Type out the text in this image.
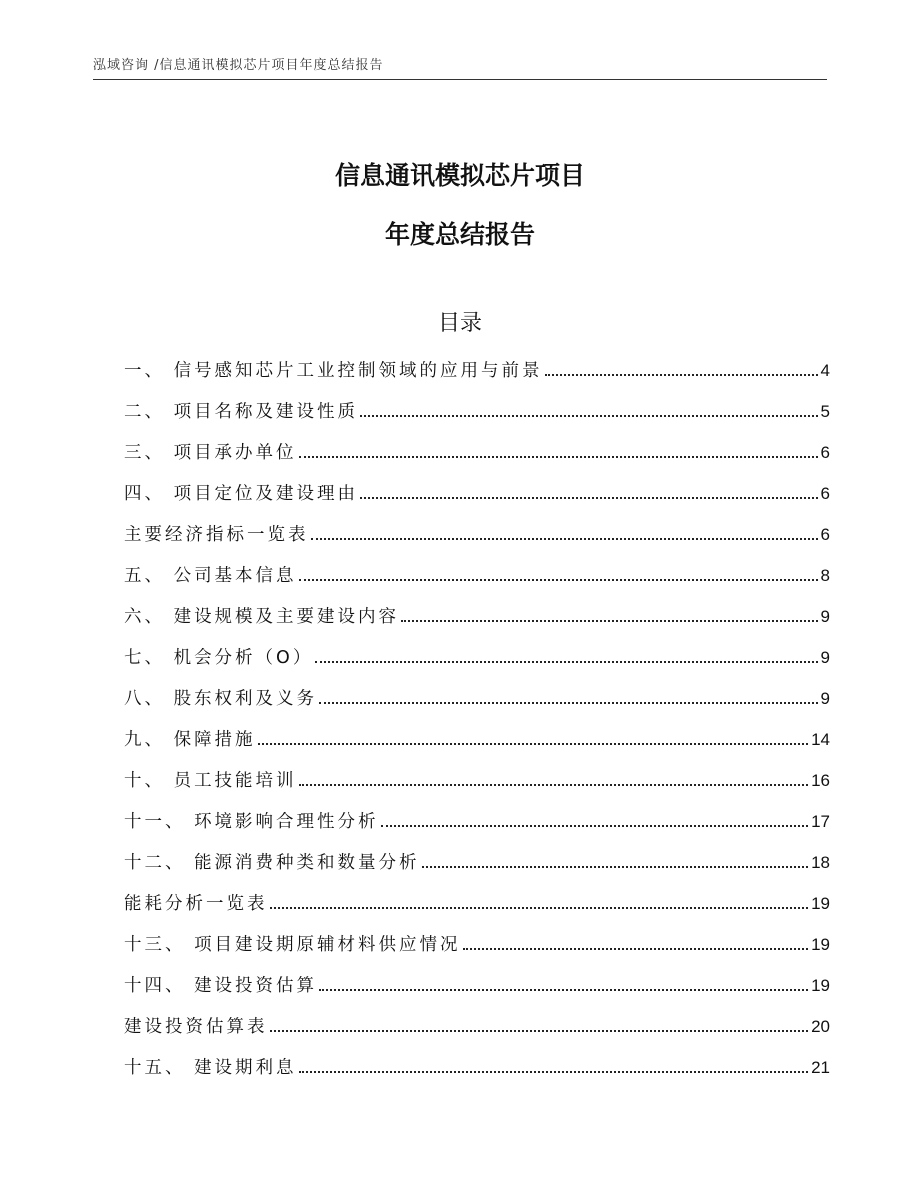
泓域咨询 /信息通讯模拟芯片项目年度总结报告
信息通讯模拟芯片项目
年度总结报告
目录
一、 信号感知芯片工业控制领域的应用与前景	4
二、 项目名称及建设性质	5
三、 项目承办单位	6
四、 项目定位及建设理由	6
主要经济指标一览表	6
五、 公司基本信息	8
六、 建设规模及主要建设内容	9
七、 机会分析（O）	9
八、 股东权利及义务	9
九、 保障措施	14
十、 员工技能培训	16
十一、 环境影响合理性分析	17
十二、 能源消费种类和数量分析	18
能耗分析一览表	19
十三、 项目建设期原辅材料供应情况	19
十四、 建设投资估算	19
建设投资估算表	20
十五、 建设期利息	21
